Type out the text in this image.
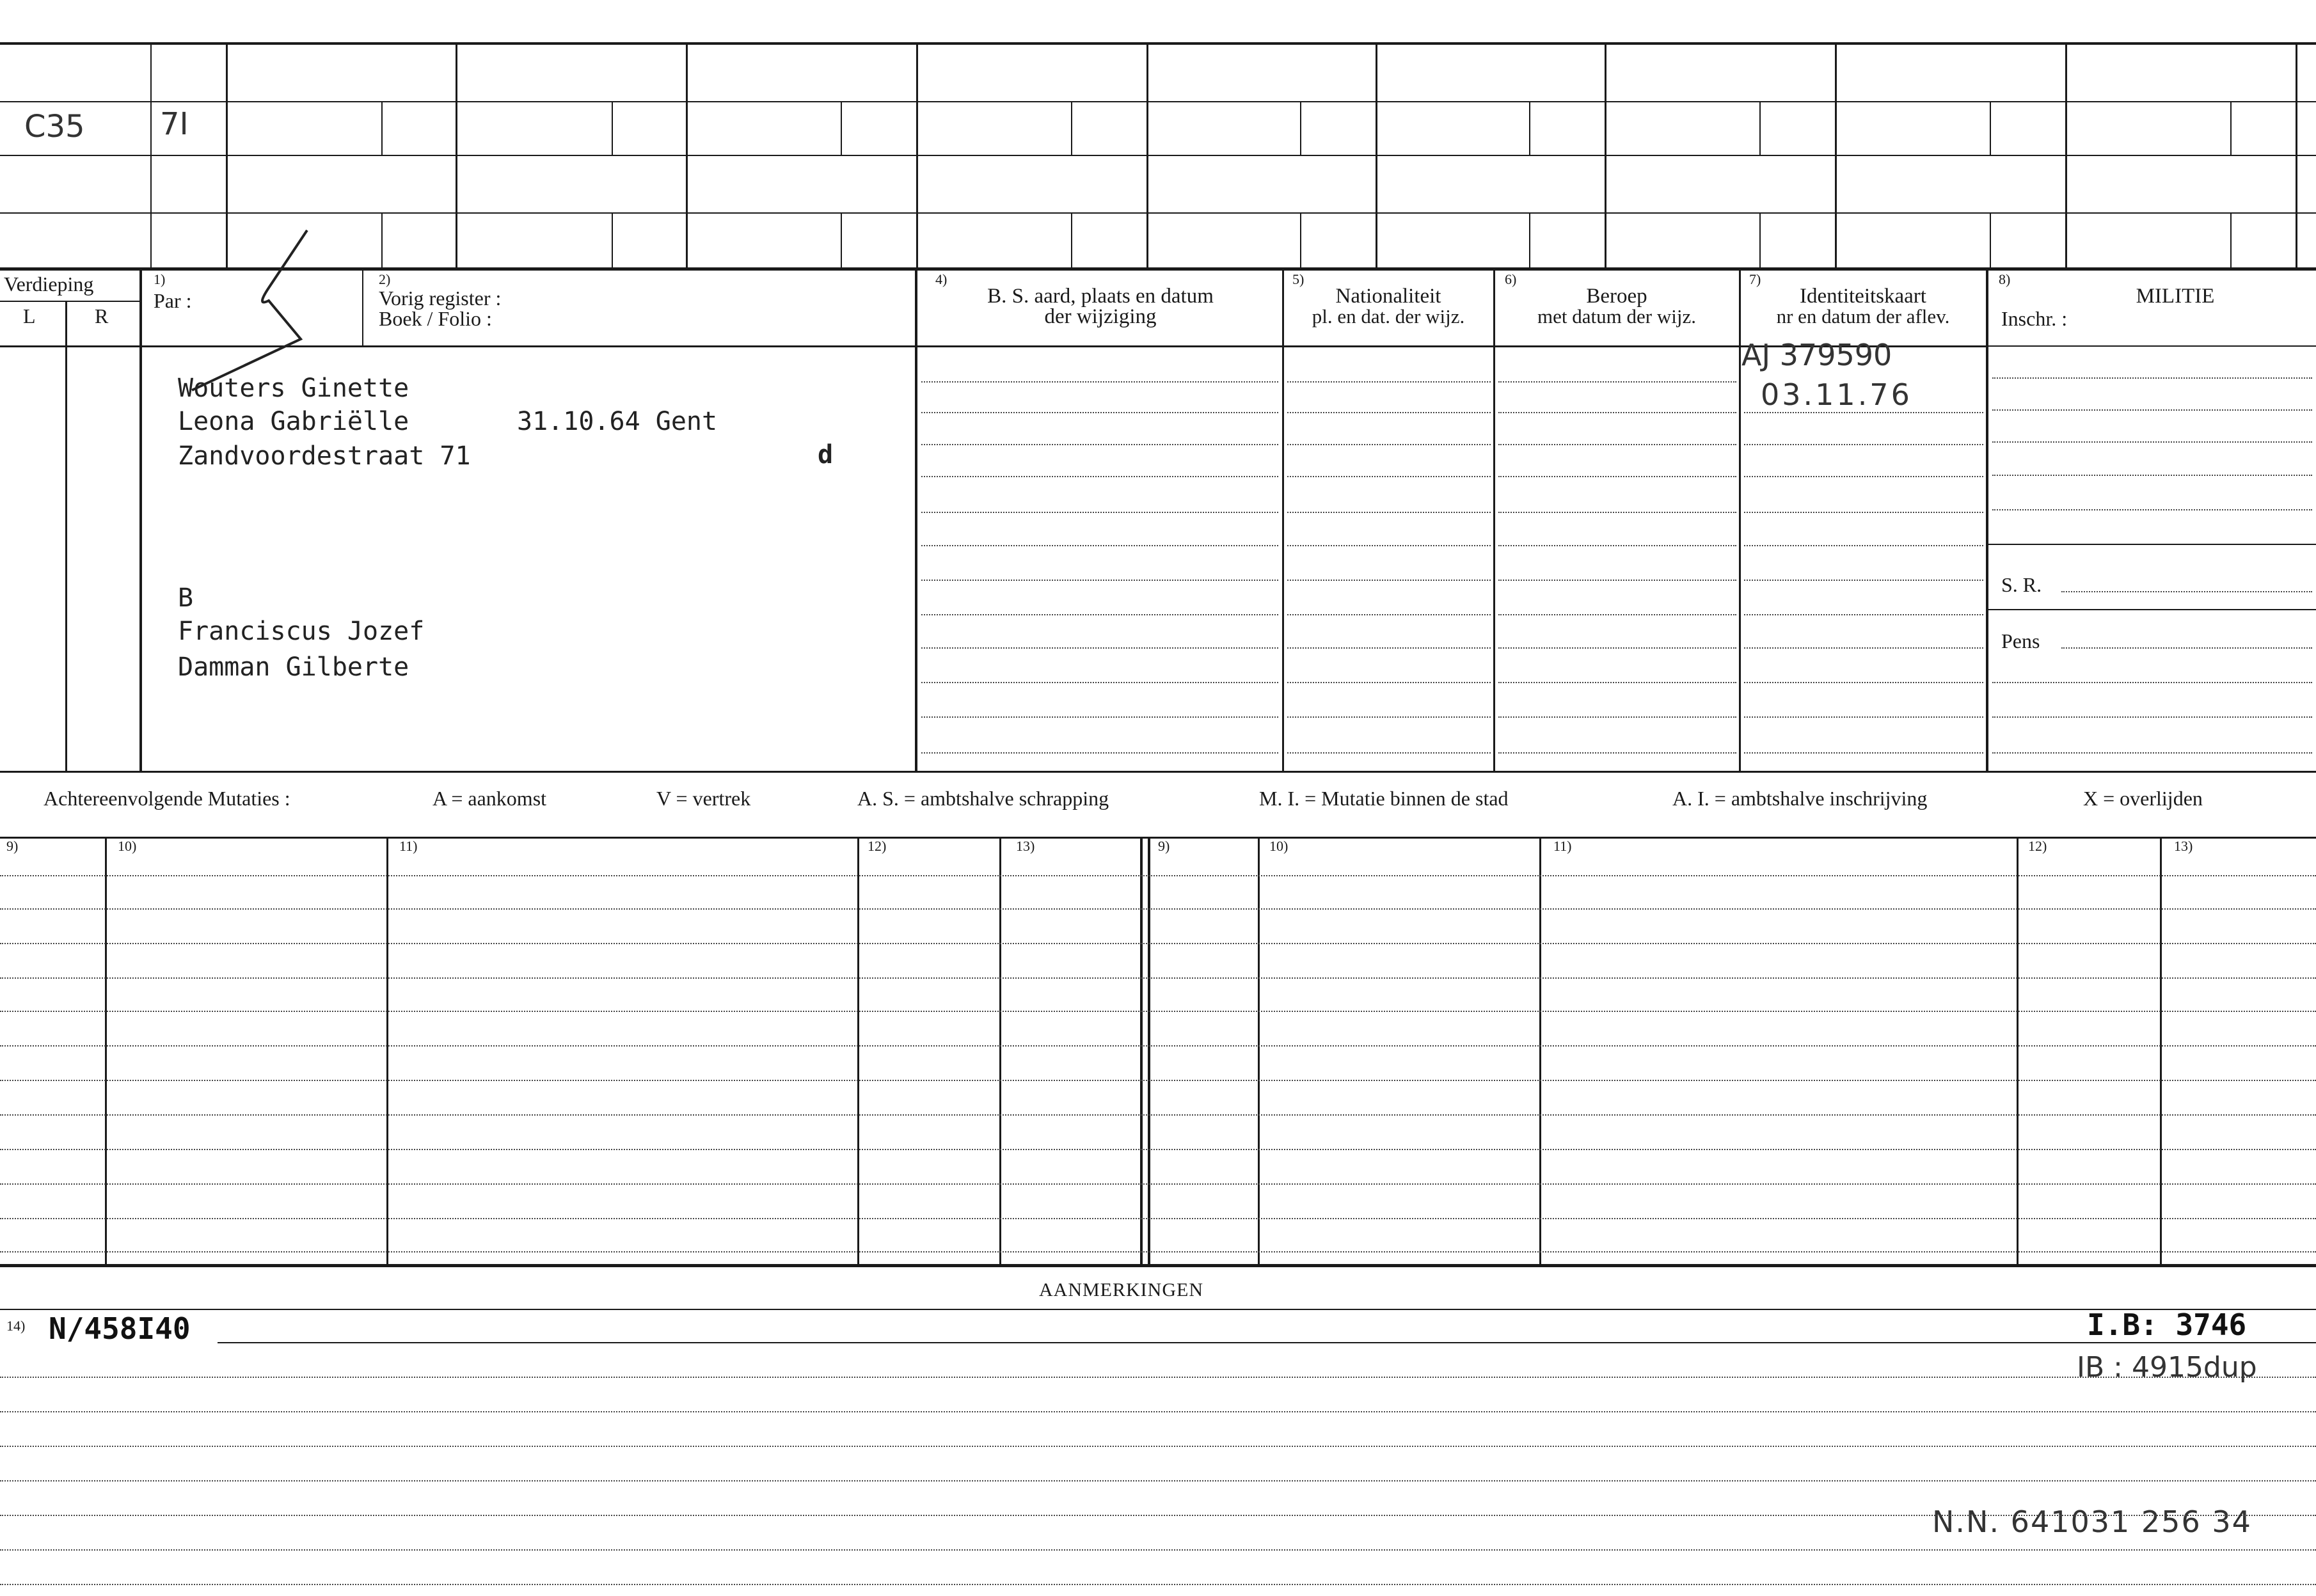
C35 7I
Verdieping
L	R
1)
Par :
2)
Vorig register :
Boek / Folio :
4)
B. S. aard, plaats en datum
der wijziging
5)
Nationaliteit
pl. en dat. der wijz.
6)
Beroep
met datum der wijz.
7)
Identiteitskaart
nr en datum der aflev.
8)
MILITIE
Inschr. :
S. R.
Pens
Wouters Ginette
Leona Gabriëlle	31.10.64 Gent
Zandvoordestraat 71	d
B
Franciscus Jozef
Damman Gilberte
AJ 379590
03.11.76
Achtereenvolgende Mutaties :	A = aankomst	V = vertrek	A. S. = ambtshalve schrapping	M. I. = Mutatie binnen de stad	A. I. = ambtshalve inschrijving	X = overlijden
9)	10)	11)	12)	13)	9)	10)	11)	12)	13)
AANMERKINGEN
14) N/458I40	I.B: 3746
IB : 4915dup
N.N. 641031 256 34
